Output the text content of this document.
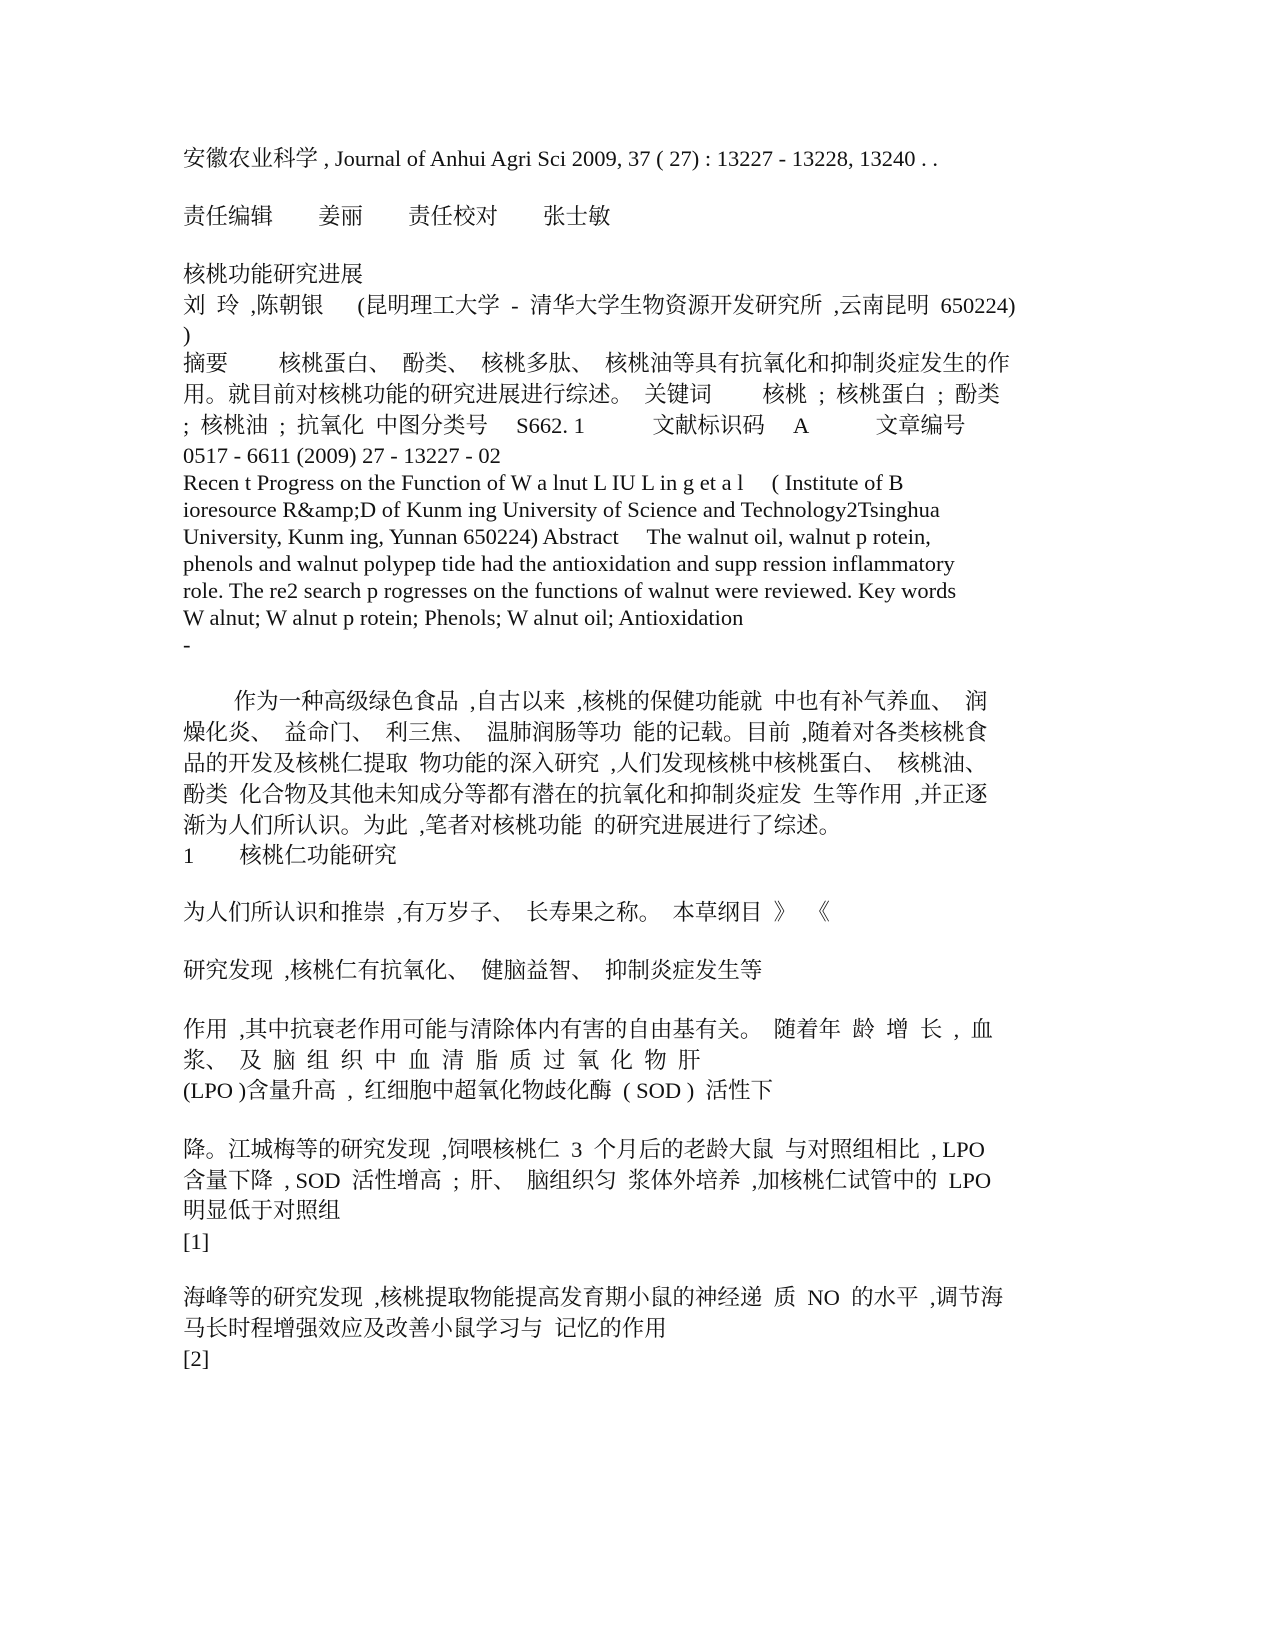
安徽农业科学 , Journal of Anhui Agri Sci 2009, 37 ( 27) : 13227 - 13228, 13240 . .
责任编辑　　姜丽　　责任校对　　张士敏
核桃功能研究进展
刘  玲  ,陈朝银　  (昆明理工大学  -  清华大学生物资源开发研究所  ,云南昆明  650224)
)
摘要　　 核桃蛋白、  酚类、  核桃多肽、  核桃油等具有抗氧化和抑制炎症发生的作
用。就目前对核桃功能的研究进展进行综述。  关键词　　 核桃  ;  核桃蛋白  ;  酚类
;  核桃油  ;  抗氧化  中图分类号　 S662. 1　　　文献标识码　 A　　　文章编号
0517 - 6611 (2009) 27 - 13227 - 02
Recen t Progress on the Function of W a lnut L IU L in g et a l     ( Institute of B
ioresource R&amp;D of Kunm ing University of Science and Technology2Tsinghua
University, Kunm ing, Yunnan 650224) Abstract     The walnut oil, walnut p rotein,
phenols and walnut polypep tide had the antioxidation and supp ression inflammatory
role. The re2 search p rogresses on the functions of walnut were reviewed. Key words
W alnut; W alnut p rotein; Phenols; W alnut oil; Antioxidation
-
　　 作为一种高级绿色食品  ,自古以来  ,核桃的保健功能就  中也有补气养血、  润
燥化炎、  益命门、  利三焦、  温肺润肠等功  能的记载。目前  ,随着对各类核桃食
品的开发及核桃仁提取  物功能的深入研究  ,人们发现核桃中核桃蛋白、  核桃油、
酚类  化合物及其他未知成分等都有潜在的抗氧化和抑制炎症发  生等作用  ,并正逐
渐为人们所认识。为此  ,笔者对核桃功能  的研究进展进行了综述。
1　　核桃仁功能研究
为人们所认识和推崇  ,有万岁子、  长寿果之称。  本草纲目  》  《
研究发现  ,核桃仁有抗氧化、  健脑益智、  抑制炎症发生等
作用  ,其中抗衰老作用可能与清除体内有害的自由基有关。  随着年  龄  增  长  ,  血
浆、  及  脑  组  织  中  血  清  脂  质  过  氧  化  物  肝
(LPO )含量升高  ,  红细胞中超氧化物歧化酶  ( SOD )  活性下
降。江城梅等的研究发现  ,饲喂核桃仁  3  个月后的老龄大鼠  与对照组相比  , LPO
含量下降  , SOD  活性增高  ;  肝、  脑组织匀  浆体外培养  ,加核桃仁试管中的  LPO
明显低于对照组
[1]
海峰等的研究发现  ,核桃提取物能提高发育期小鼠的神经递  质  NO  的水平  ,调节海
马长时程增强效应及改善小鼠学习与  记忆的作用
[2]
